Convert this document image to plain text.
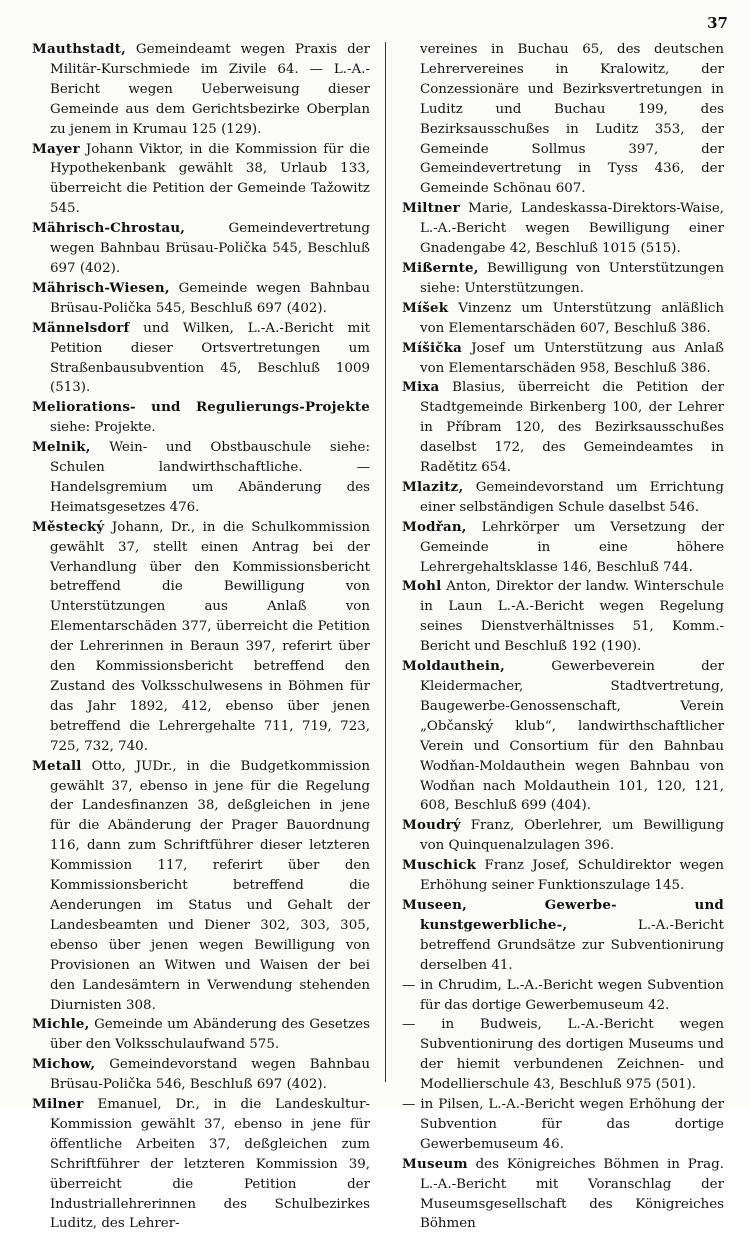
37

Mauthstadt, Gemeindeamt wegen Praxis der Militär-Kurschmiede im Zivile 64. — L.-A.-Bericht wegen Ueberweisung dieser Gemeinde aus dem Gerichtsbezirke Oberplan zu jenem in Krumau 125 (129).

Mayer Johann Viktor, in die Kommission für die Hypothekenbank gewählt 38, Urlaub 133, überreicht die Petition der Gemeinde Tažowitz 545.

Mährisch-Chrostau,	Gemeindevertretung wegen Bahnbau Brüsau-Polička 545, Beschluß 697 (402).

Mährisch-Wiesen, Gemeinde wegen Bahnbau Brüsau-Polička 545, Beschluß 697 (402).

Männelsdorf und Wilken, L.-A.-Bericht mit Petition dieser Ortsvertretungen um Straßenbausubvention 45, Beschluß 1009 (513).

Meliorations- und Regulierungs-Projekte siehe: Projekte.

Melnik, Wein- und Obstbauschule siehe: Schulen landwirthschaftliche. — Handelsgremium um Abänderung des Heimatsgesetzes 476.

Městecký Johann, Dr., in die Schulkommission gewählt 37, stellt einen Antrag bei der Verhandlung über den Kommissionsbericht betreffend die Bewilligung von Unterstützungen aus Anlaß von Elementarschäden 377, überreicht die Petition der Lehrerinnen in Beraun 397, referirt über den Kommissionsbericht betreffend den Zustand des Volksschulwesens in Böhmen für das Jahr 1892, 412, ebenso über jenen betreffend die Lehrergehalte 711, 719, 723, 725, 732, 740.

Metall Otto, JUDr., in die Budgetkommission gewählt 37, ebenso in jene für die Regelung der Landesfinanzen 38, deßgleichen in jene für die Abänderung der Prager Bauordnung 116, dann zum Schriftführer dieser letzteren Kommission 117, referirt über den Kommissionsbericht betreffend die Aenderungen im Status und Gehalt der Landesbeamten und Diener 302, 303, 305, ebenso über jenen wegen Bewilligung von Provisionen an Witwen und Waisen der bei den Landesämtern in Verwendung stehenden Diurnisten 308.

Michle, Gemeinde um Abänderung des Gesetzes über den Volksschulaufwand 575.

Michow, Gemeindevorstand wegen Bahnbau Brüsau-Polička 546, Beschluß 697 (402).

Milner Emanuel, Dr., in die Landeskultur-Kommission gewählt 37, ebenso in jene für öffentliche Arbeiten 37, deßgleichen zum Schriftführer der letzteren Kommission 39, überreicht die Petition der Industriallehrerinnen des Schulbezirkes Luditz, des Lehrer-

vereines in Buchau 65, des deutschen Lehrervereines in Kralowitz, der Conzessionäre und Bezirksvertretungen in Luditz und Buchau 199, des Bezirksausschußes in Luditz 353, der Gemeinde Sollmus 397, der Gemeindevertretung in Tyss 436, der Gemeinde Schönau 607.

Miltner Marie, Landeskassa-Direktors-Waise, L.-A.-Bericht wegen Bewilligung einer Gnadengabe 42, Beschluß 1015 (515).

Mißernte, Bewilligung von Unterstützungen siehe: Unterstützungen.

Míšek Vinzenz um Unterstützung anläßlich von Elementarschäden 607, Beschluß 386.

Míšička Josef um Unterstützung aus Anlaß von Elementarschäden 958, Beschluß 386.

Mixa Blasius, überreicht die Petition der Stadtgemeinde Birkenberg 100, der Lehrer in Příbram 120, des Bezirksausschußes daselbst 172, des Gemeindeamtes in Radětitz 654.

Mlazitz, Gemeindevorstand um Errichtung einer selbständigen Schule daselbst 546.

Modřan, Lehrkörper um Versetzung der Gemeinde in eine höhere Lehrergehaltsklasse 146, Beschluß 744.

Mohl Anton, Direktor der landw. Winterschule in Laun L.-A.-Bericht wegen Regelung seines Dienstverhältnisses 51, Komm.-Bericht und Beschluß 192 (190).

Moldauthein,	Gewerbeverein der Kleidermacher, Stadtvertretung, Baugewerbe-Genossenschaft, Verein „Občanský klub“, landwirthschaftlicher Verein und Consortium für den Bahnbau Wodňan-Moldauthein wegen Bahnbau von Wodňan nach Moldauthein 101, 120, 121, 608, Beschluß 699 (404).

Moudrý Franz, Oberlehrer, um Bewilligung von Quinquenalzulagen 396.

Muschick Franz Josef, Schuldirektor wegen Erhöhung seiner Funktionszulage 145.

Museen, Gewerbe- und kunstgewerbliche-,	L.-A.-Bericht betreffend Grundsätze zur Subventionirung derselben 41.

— in Chrudim, L.-A.-Bericht wegen Subvention für das dortige Gewerbemuseum 42.

— in Budweis, L.-A.-Bericht wegen Subventionirung des dortigen Museums und der hiemit verbundenen Zeichnen- und Modellierschule 43, Beschluß 975 (501).

— in Pilsen, L.-A.-Bericht wegen Erhöhung der Subvention für das dortige Gewerbemuseum 46.

Museum des Königreiches Böhmen in Prag. L.-A.-Bericht mit Voranschlag der Museumsgesellschaft des Königreiches Böhmen
